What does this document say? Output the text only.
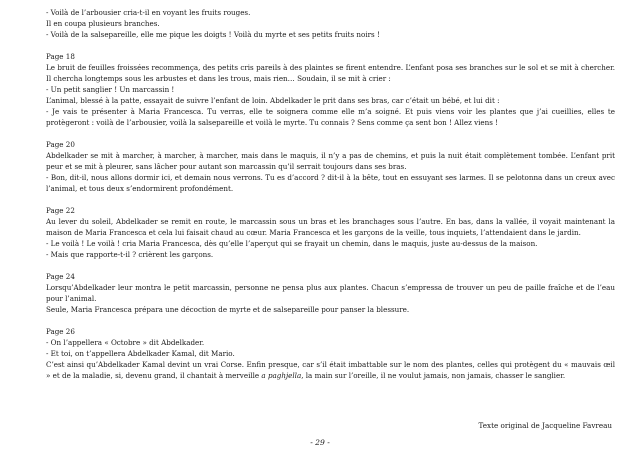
- Voilà de l’arbousier cria-t-il en voyant les fruits rouges.

Il en coupa plusieurs branches.

- Voilà de la salsepareille, elle me pique les doigts ! Voilà du myrte et ses petits fruits noirs !

Page 18

Le bruit de feuilles froissées recommença, des petits cris pareils à des plaintes se firent entendre. L’enfant posa ses branches sur le sol et se mit à chercher. Il chercha longtemps sous les arbustes et dans les trous, mais rien… Soudain, il se mit à crier :

- Un petit sanglier ! Un marcassin !

L’animal, blessé à la patte, essayait de suivre l’enfant de loin. Abdelkader le prit dans ses bras, car c’était un bébé, et lui dit :

- Je vais te présenter à Maria Francesca. Tu verras, elle te soignera comme elle m’a soigné. Et puis viens voir les plantes que j’ai cueillies, elles te protègeront : voilà de l’arbousier, voilà la salsepareille et voilà le myrte. Tu connais ? Sens comme ça sent bon ! Allez viens !

Page 20

Abdelkader se mit à marcher, à marcher, à marcher, mais dans le maquis, il n’y a pas de chemins, et puis la nuit était complètement tombée. L’enfant prit peur et se mit à pleurer, sans lâcher pour autant son marcassin qu’il serrait toujours dans ses bras.

- Bon, dit-il, nous allons dormir ici, et demain nous verrons. Tu es d’accord ? dit-il à la bête, tout en essuyant ses larmes. Il se pelotonna dans un creux avec l’animal, et tous deux s’endormirent profondément.

Page 22

Au lever du soleil, Abdelkader se remit en route, le marcassin sous un bras et les branchages sous l’autre. En bas, dans la vallée, il voyait maintenant la maison de Maria Francesca et cela lui faisait chaud au cœur. Maria Francesca et les garçons de la veille, tous inquiets, l’attendaient dans le jardin.

- Le voilà ! Le voilà ! cria Maria Francesca, dès qu’elle l’aperçut qui se frayait un chemin, dans le maquis, juste au-dessus de la maison.

- Mais que rapporte-t-il ? crièrent les garçons.

Page 24

Lorsqu’Abdelkader leur montra le petit marcassin, personne ne pensa plus aux plantes. Chacun s’empressa de trouver un peu de paille fraîche et de l’eau pour l’animal.

Seule, Maria Francesca prépara une décoction de myrte et de salsepareille pour panser la blessure.

Page 26

- On l’appellera « Octobre » dit Abdelkader.

- Et toi, on t’appellera Abdelkader Kamal, dit Mario.

C’est ainsi qu’Abdelkader Kamal devint un vrai Corse. Enfin presque, car s’il était imbattable sur le nom des plantes, celles qui protègent du « mauvais œil » et de la maladie, si, devenu grand, il chantait à merveille a paghjella, la main sur l’oreille, il ne voulut jamais, non jamais, chasser le sanglier.

Texte original de Jacqueline Favreau

- 29 -
